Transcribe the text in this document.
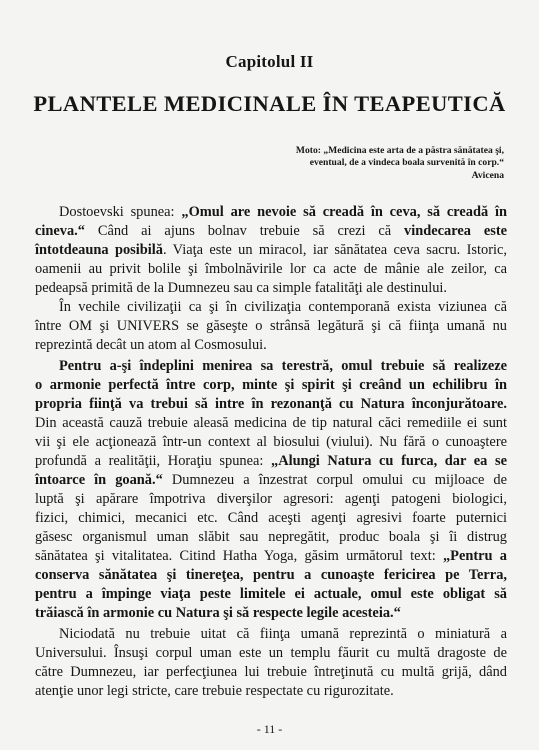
Capitolul II
PLANTELE MEDICINALE ÎN TEAPEUTICĂ
Moto: „Medicina este arta de a păstra sănătatea şi,
eventual, de a vindeca boala survenită în corp.“
Avicena
Dostoevski spunea: „Omul are nevoie să creadă în ceva, să creadă în
cineva.“ Când ai ajuns bolnav trebuie să crezi că vindecarea este
întotdeauna posibilă. Viaţa este un miracol, iar sănătatea ceva sacru. Istoric,
oamenii au privit bolile şi îmbolnăvirile lor ca acte de mânie ale zeilor, ca
pedeapsă primită de la Dumnezeu sau ca simple fatalităţi ale destinului.
În vechile civilizaţii ca şi în civilizaţia contemporană exista viziunea că
între OM şi UNIVERS se găseşte o strânsă legătură şi că fiinţa umană nu
reprezintă decât un atom al Cosmosului.
Pentru a-şi îndeplini menirea sa terestră, omul trebuie să realizeze
o armonie perfectă între corp, minte şi spirit şi creând un echilibru în
propria fiinţă va trebui să intre în rezonanţă cu Natura înconjurătoare.
Din această cauză trebuie aleasă medicina de tip natural căci remediile ei sunt
vii şi ele acţionează într-un context al biosului (viului). Nu fără o cunoaştere
profundă a realităţii, Horaţiu spunea: „Alungi Natura cu furca, dar ea se
întoarce în goană.“ Dumnezeu a înzestrat corpul omului cu mijloace de
luptă şi apărare împotriva diverşilor agresori: agenţi patogeni biologici,
fizici, chimici, mecanici etc. Când aceşti agenţi agresivi foarte puternici
găsesc organismul uman slăbit sau nepregătit, produc boala şi îi distrug
sănătatea şi vitalitatea. Citind Hatha Yoga, găsim următorul text: „Pentru a
conserva sănătatea şi tinereţea, pentru a cunoaşte fericirea pe Terra,
pentru a împinge viaţa peste limitele ei actuale, omul este obligat să
trăiască în armonie cu Natura şi să respecte legile acesteia.“
Niciodată nu trebuie uitat că fiinţa umană reprezintă o miniatură a
Universului. Însuşi corpul uman este un templu făurit cu multă dragoste de
către Dumnezeu, iar perfecţiunea lui trebuie întreţinută cu multă grijă, dând
atenţie unor legi stricte, care trebuie respectate cu rigurozitate.
- 11 -
